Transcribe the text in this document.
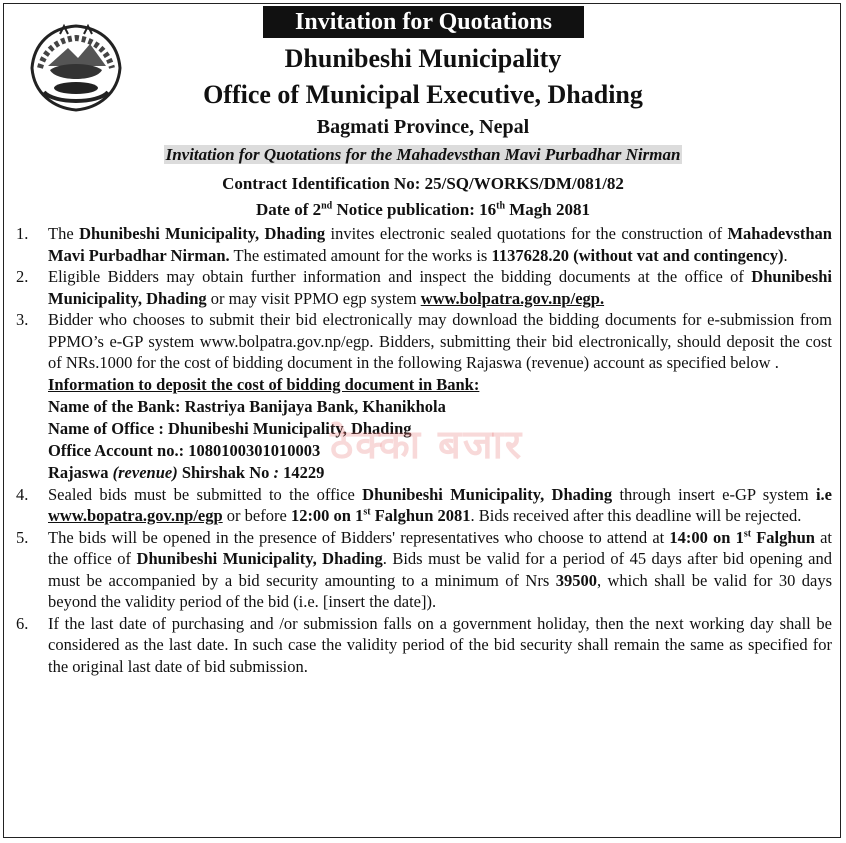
Invitation for Quotations
Dhunibeshi Municipality
Office of Municipal Executive, Dhading
Bagmati Province, Nepal
Invitation for Quotations for the Mahadevsthan Mavi Purbadhar Nirman
Contract Identification No: 25/SQ/WORKS/DM/081/82
Date of 2nd Notice publication: 16th Magh 2081
1.	The Dhunibeshi Municipality, Dhading invites electronic sealed quotations for the construction of Mahadevsthan Mavi Purbadhar Nirman. The estimated amount for the works is 1137628.20 (without vat and contingency).
2.	Eligible Bidders may obtain further information and inspect the bidding documents at the office of Dhunibeshi Municipality, Dhading or may visit PPMO egp system www.bolpatra.gov.np/egp.
3.	Bidder who chooses to submit their bid electronically may download the bidding documents for e-submission from PPMO’s e-GP system www.bolpatra.gov.np/egp. Bidders, submitting their bid electronically, should deposit the cost of NRs.1000 for the cost of bidding document in the following Rajaswa (revenue) account as specified below .
Information to deposit the cost of bidding document in Bank:
Name of the Bank: Rastriya Banijaya Bank, Khanikhola
Name of Office : Dhunibeshi Municipality, Dhading
Office Account no.: 1080100301010003
Rajaswa (revenue) Shirshak No : 14229
4.	Sealed bids must be submitted to the office Dhunibeshi Municipality, Dhading through insert e-GP system i.e www.bopatra.gov.np/egp or before 12:00 on 1st Falghun 2081. Bids received after this deadline will be rejected.
5.	The bids will be opened in the presence of Bidders' representatives who choose to attend at 14:00 on 1st Falghun at the office of Dhunibeshi Municipality, Dhading. Bids must be valid for a period of 45 days after bid opening and must be accompanied by a bid security amounting to a minimum of Nrs 39500, which shall be valid for 30 days beyond the validity period of the bid (i.e. [insert the date]).
6.	If the last date of purchasing and /or submission falls on a government holiday, then the next working day shall be considered as the last date. In such case the validity period of the bid security shall remain the same as specified for the original last date of bid submission.
ठेक्का बजार
